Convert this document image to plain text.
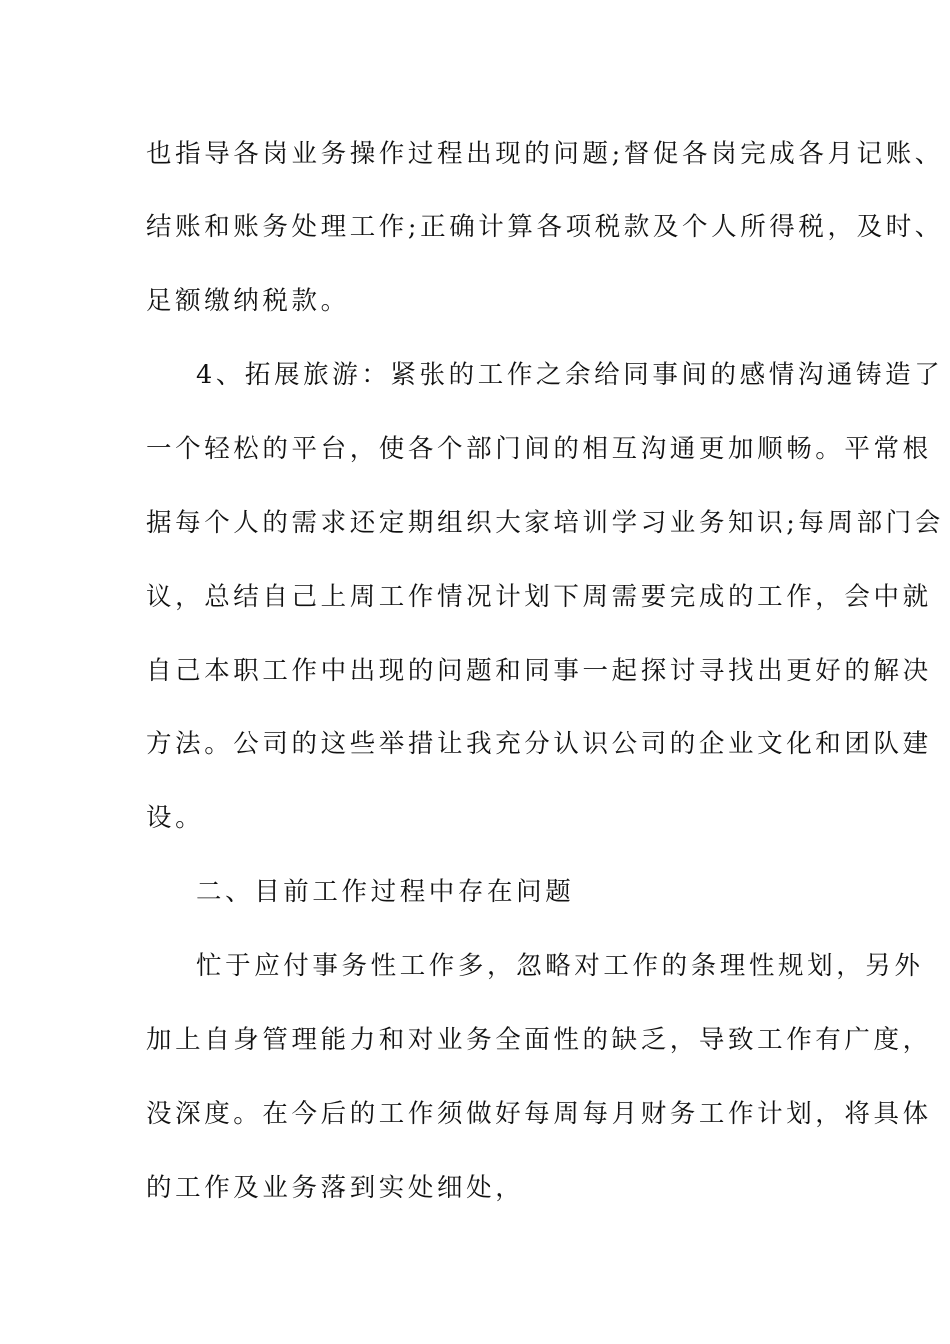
也指导各岗业务操作过程出现的问题;督促各岗完成各月记账、
结账和账务处理工作;正确计算各项税款及个人所得税，及时、
足额缴纳税款。
4、拓展旅游：紧张的工作之余给同事间的感情沟通铸造了
一个轻松的平台，使各个部门间的相互沟通更加顺畅。平常根
据每个人的需求还定期组织大家培训学习业务知识;每周部门会
议，总结自己上周工作情况计划下周需要完成的工作，会中就
自己本职工作中出现的问题和同事一起探讨寻找出更好的解决
方法。公司的这些举措让我充分认识公司的企业文化和团队建
设。
二、目前工作过程中存在问题
忙于应付事务性工作多，忽略对工作的条理性规划，另外
加上自身管理能力和对业务全面性的缺乏，导致工作有广度，
没深度。在今后的工作须做好每周每月财务工作计划，将具体
的工作及业务落到实处细处，
